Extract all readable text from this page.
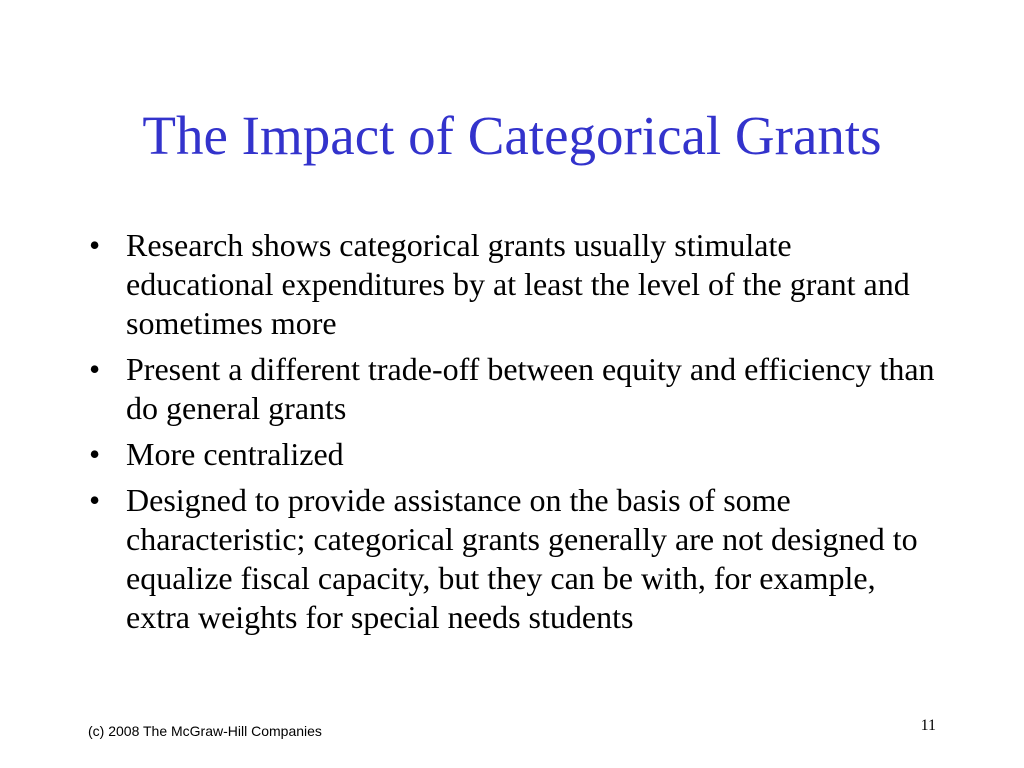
The Impact of Categorical Grants
• Research shows categorical grants usually stimulate educational expenditures by at least the level of the grant and sometimes more
• Present a different trade-off between equity and efficiency than do general grants
• More centralized
• Designed to provide assistance on the basis of some characteristic; categorical grants generally are not designed to equalize fiscal capacity, but they can be with, for example, extra weights for special needs students
(c) 2008 The McGraw-Hill Companies	11
